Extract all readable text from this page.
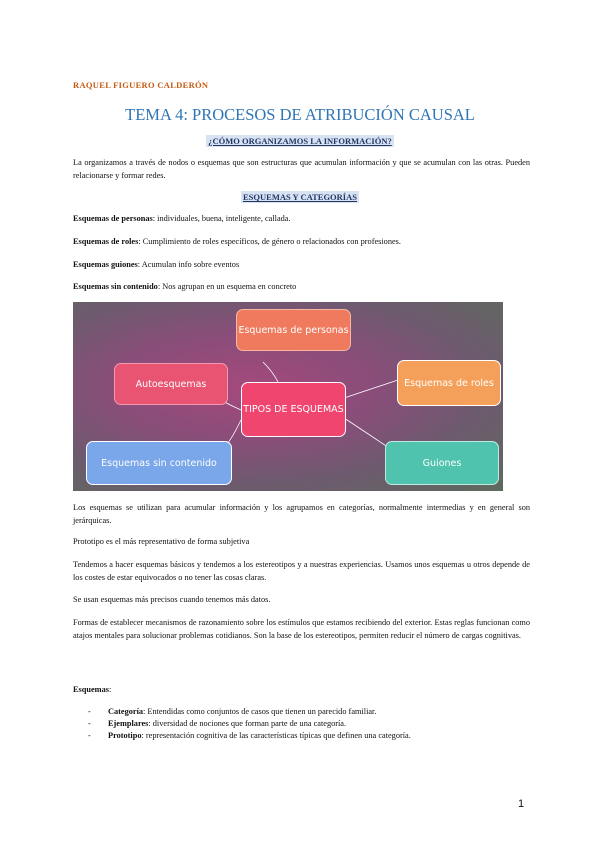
RAQUEL FIGUERO CALDERÓN
TEMA 4: PROCESOS DE ATRIBUCIÓN CAUSAL
¿CÓMO ORGANIZAMOS LA INFORMACIÓN?
La organizamos a través de nodos o esquemas que son estructuras que acumulan información y que se acumulan con las otras. Pueden relacionarse y formar redes.
ESQUEMAS Y CATEGORÍAS
Esquemas de personas: individuales, buena, inteligente, callada.
Esquemas de roles: Cumplimiento de roles específicos, de género o relacionados con profesiones.
Esquemas guiones: Acumulan info sobre eventos
Esquemas sin contenido: Nos agrupan en un esquema en concreto
Esquemas de personas
Esquemas de roles
Autoesquemas
TIPOS DE ESQUEMAS
Esquemas sin contenido	Guiones
Los esquemas se utilizan para acumular información y los agrupamos en categorías, normalmente intermedias y en general son jerárquicas.
Prototipo es el más representativo de forma subjetiva
Tendemos a hacer esquemas básicos y tendemos a los estereotipos y a nuestras experiencias. Usamos unos esquemas u otros depende de los costes de estar equivocados o no tener las cosas claras.
Se usan esquemas más precisos cuando tenemos más datos.
Formas de establecer mecanismos de razonamiento sobre los estímulos que estamos recibiendo del exterior. Estas reglas funcionan como atajos mentales para solucionar problemas cotidianos. Son la base de los estereotipos, permiten reducir el número de cargas cognitivas.
Esquemas:
- Categoría: Entendidas como conjuntos de casos que tienen un parecido familiar.
- Ejemplares: diversidad de nociones que forman parte de una categoría.
- Prototipo: representación cognitiva de las características típicas que definen una categoría.
1
